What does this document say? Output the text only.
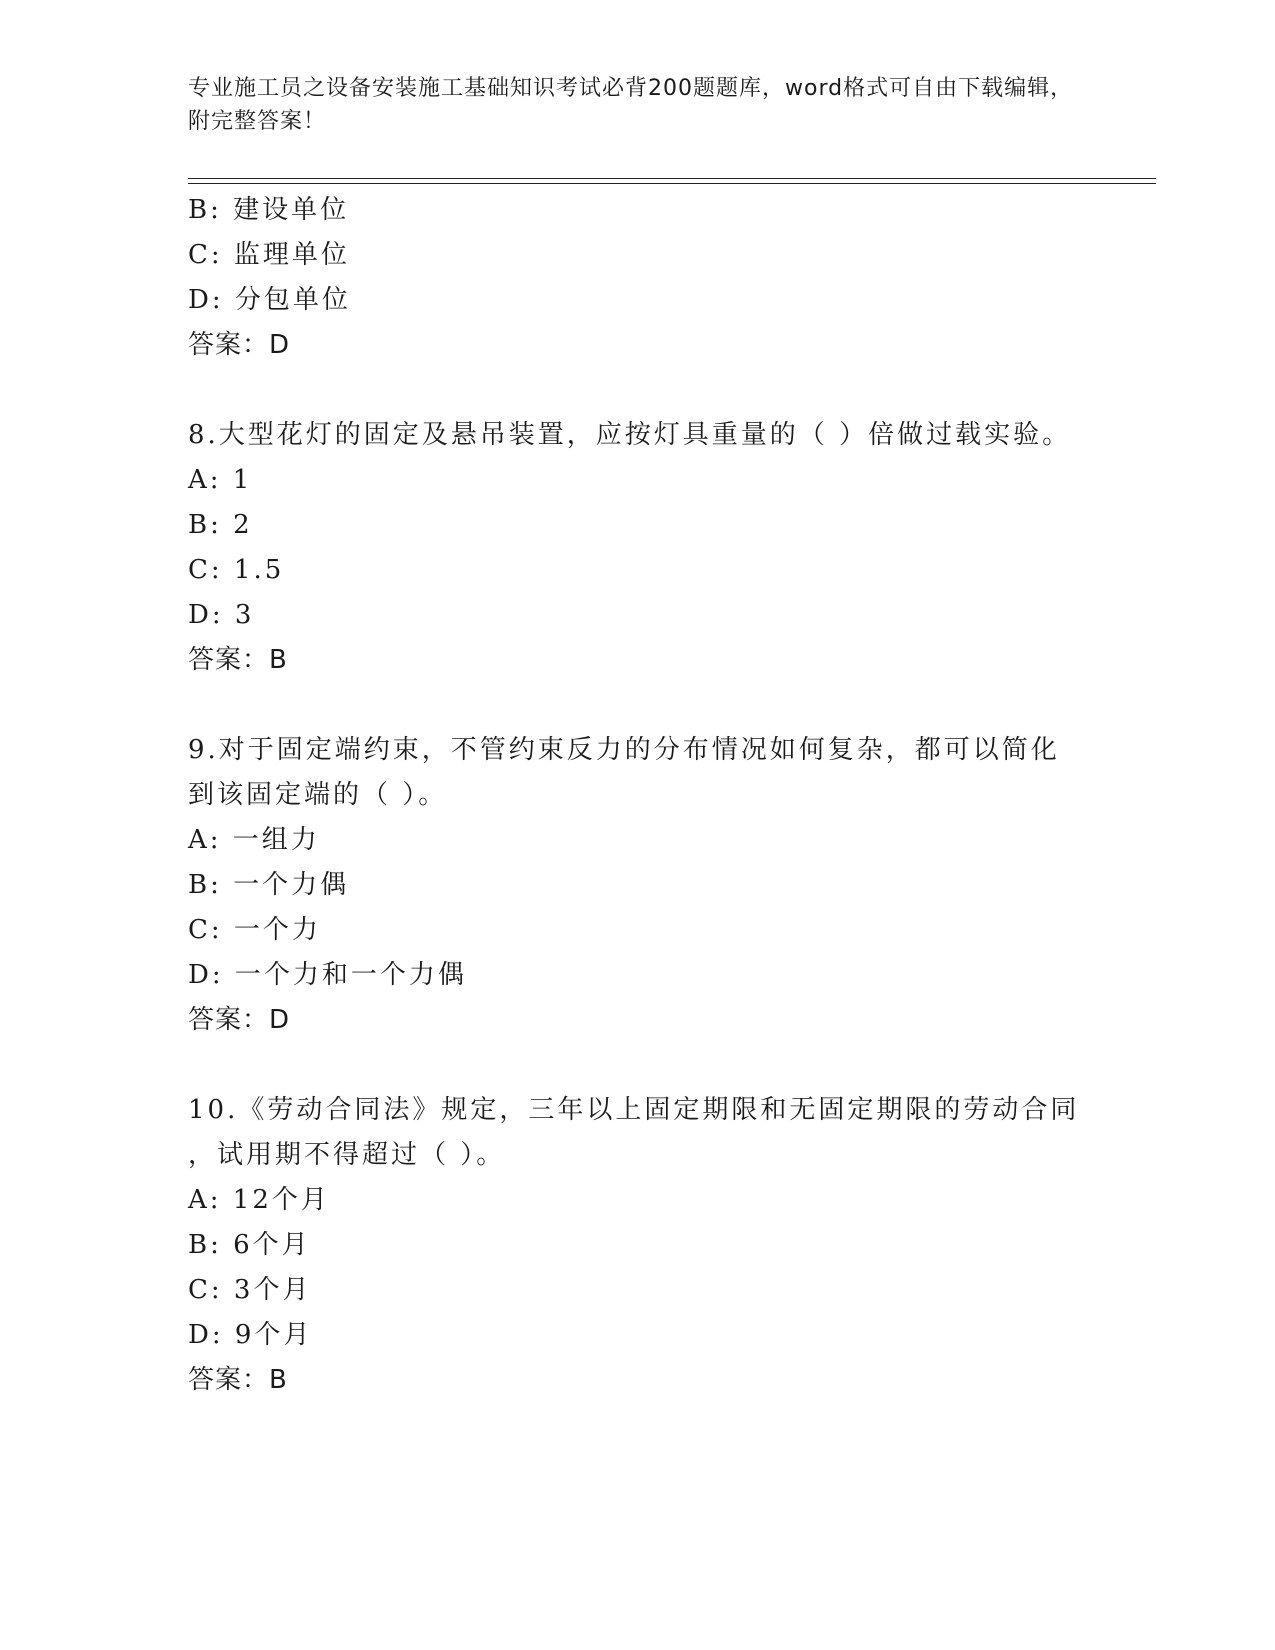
专业施工员之设备安装施工基础知识考试必背200题题库，word格式可自由下载编辑，附完整答案！
B: 建设单位
C: 监理单位
D: 分包单位
答案：D
8.大型花灯的固定及悬吊装置，应按灯具重量的（ ）倍做过载实验。
A: 1
B: 2
C: 1.5
D: 3
答案：B
9.对于固定端约束，不管约束反力的分布情况如何复杂，都可以简化
到该固定端的（ ）。
A: 一组力
B: 一个力偶
C: 一个力
D: 一个力和一个力偶
答案：D
10.《劳动合同法》规定，三年以上固定期限和无固定期限的劳动合同
，试用期不得超过（ ）。
A: 12个月
B: 6个月
C: 3个月
D: 9个月
答案：B
